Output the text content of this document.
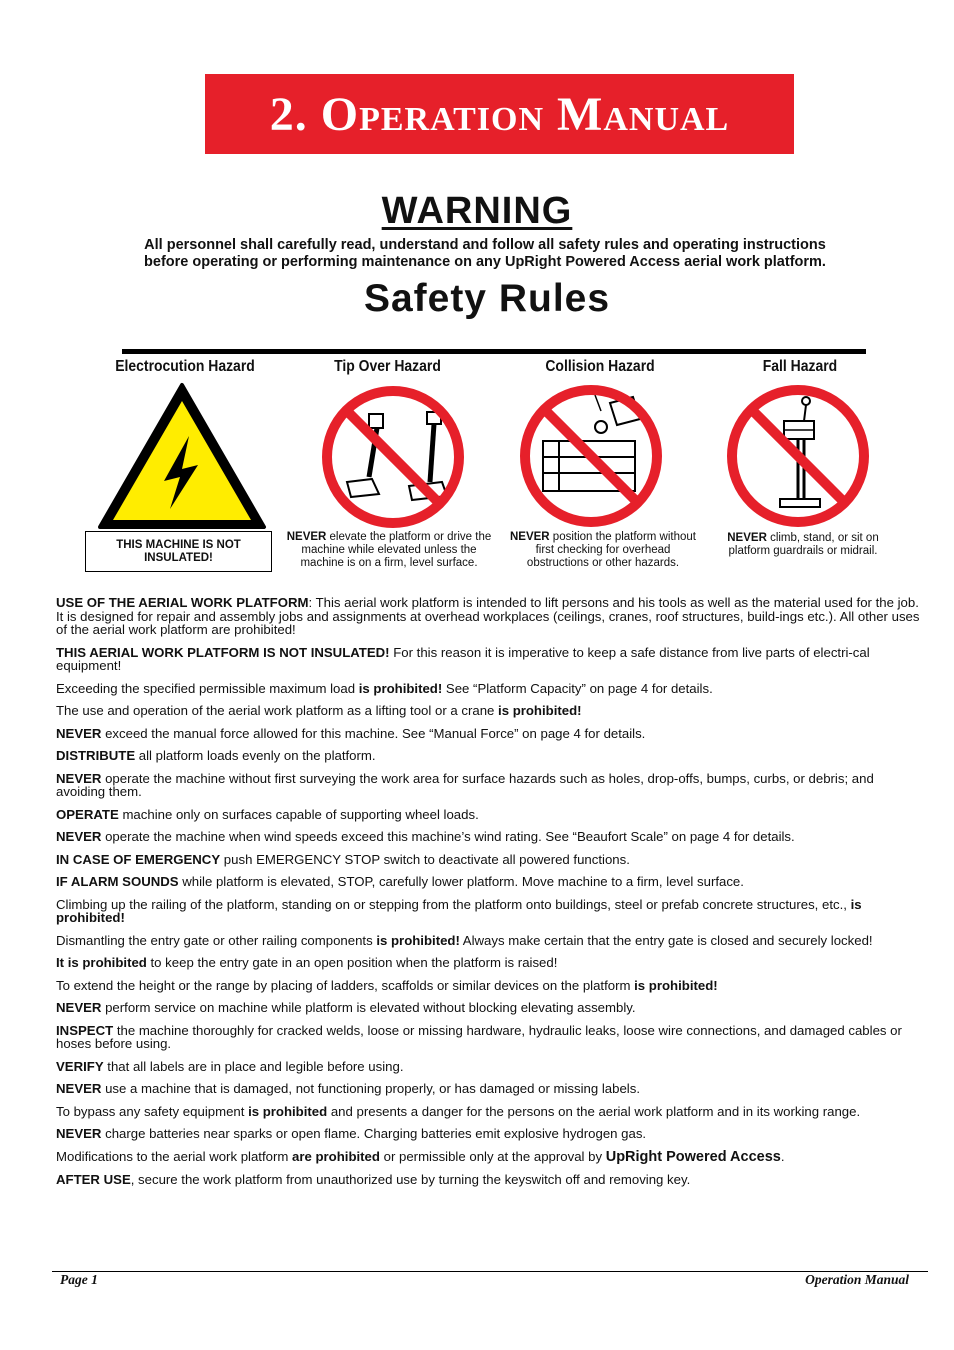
2. Operation Manual
WARNING
All personnel shall carefully read, understand and follow all safety rules and operating instructions
before operating or performing maintenance on any UpRight Powered Access aerial work platform.
Safety Rules
Electrocution Hazard	Tip Over Hazard	Collision Hazard	Fall Hazard
THIS MACHINE IS NOT INSULATED!
NEVER elevate the platform or drive the machine while elevated unless the machine is on a firm, level surface.
NEVER position the platform without first checking for overhead obstructions or other hazards.
NEVER climb, stand, or sit on platform guardrails or midrail.

USE OF THE AERIAL WORK PLATFORM: This aerial work platform is intended to lift persons and his tools as well as the material used for the job. It is designed for repair and assembly jobs and assignments at overhead workplaces (ceilings, cranes, roof structures, build-ings etc.). All other uses of the aerial work platform are prohibited!

THIS AERIAL WORK PLATFORM IS NOT INSULATED! For this reason it is imperative to keep a safe distance from live parts of electri-cal equipment!

Exceeding the specified permissible maximum load is prohibited! See “Platform Capacity” on page 4 for details.

The use and operation of the aerial work platform as a lifting tool or a crane is prohibited!

NEVER exceed the manual force allowed for this machine. See “Manual Force” on page 4 for details.

DISTRIBUTE all platform loads evenly on the platform.

NEVER operate the machine without first surveying the work area for surface hazards such as holes, drop-offs, bumps, curbs, or debris; and avoiding them.

OPERATE machine only on surfaces capable of supporting wheel loads.

NEVER operate the machine when wind speeds exceed this machine’s wind rating. See “Beaufort Scale” on page 4 for details.

IN CASE OF EMERGENCY push EMERGENCY STOP switch to deactivate all powered functions.

IF ALARM SOUNDS while platform is elevated, STOP, carefully lower platform. Move machine to a firm, level surface.

Climbing up the railing of the platform, standing on or stepping from the platform onto buildings, steel or prefab concrete structures, etc., is prohibited!

Dismantling the entry gate or other railing components is prohibited! Always make certain that the entry gate is closed and securely locked!

It is prohibited to keep the entry gate in an open position when the platform is raised!

To extend the height or the range by placing of ladders, scaffolds or similar devices on the platform is prohibited!

NEVER perform service on machine while platform is elevated without blocking elevating assembly.

INSPECT the machine thoroughly for cracked welds, loose or missing hardware, hydraulic leaks, loose wire connections, and damaged cables or hoses before using.

VERIFY that all labels are in place and legible before using.

NEVER use a machine that is damaged, not functioning properly, or has damaged or missing labels.

To bypass any safety equipment is prohibited and presents a danger for the persons on the aerial work platform and in its working range.

NEVER charge batteries near sparks or open flame. Charging batteries emit explosive hydrogen gas.

Modifications to the aerial work platform are prohibited or permissible only at the approval by UpRight Powered Access.

AFTER USE, secure the work platform from unauthorized use by turning the keyswitch off and removing key.

Page 1	Operation Manual
